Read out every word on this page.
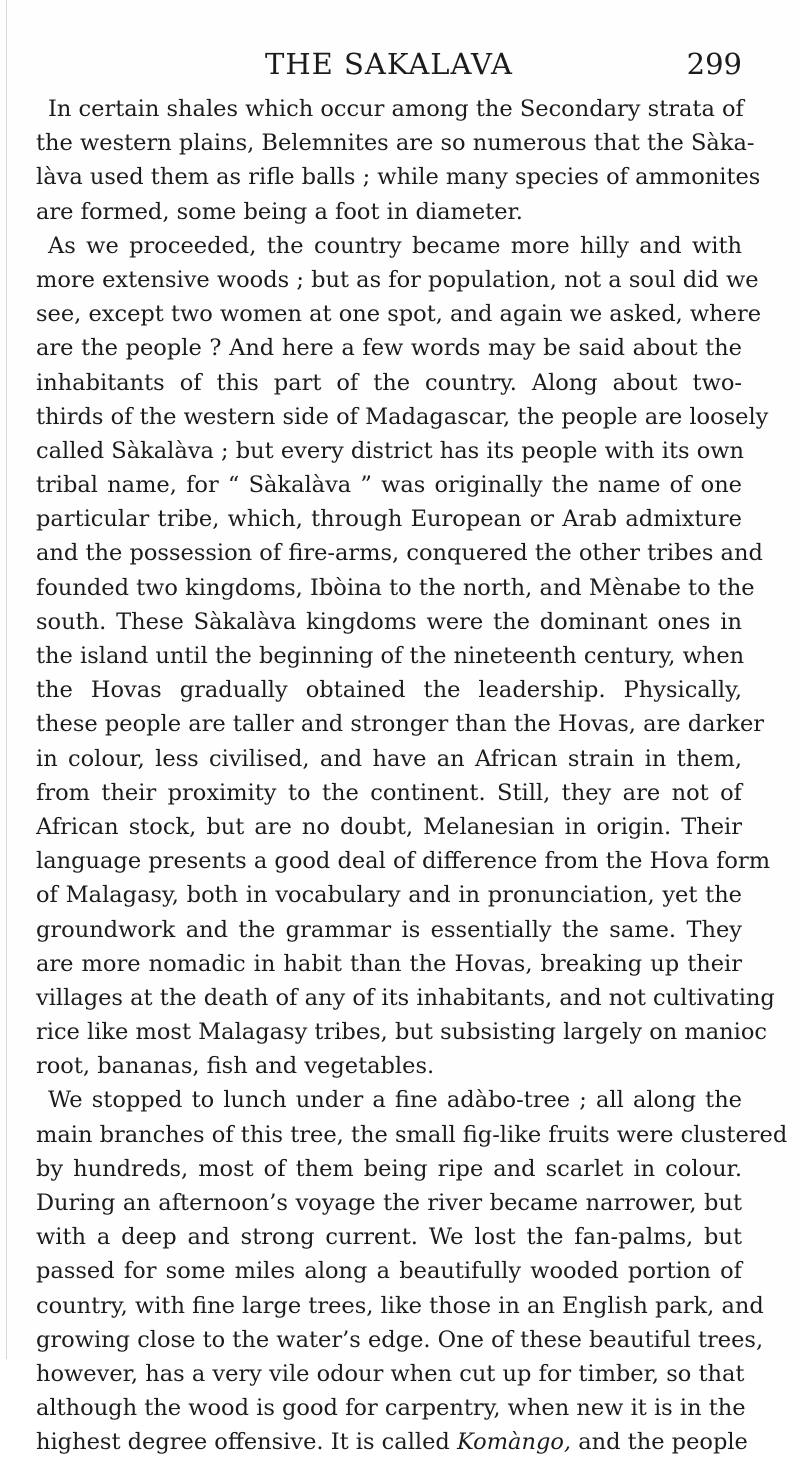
THE SAKALAVA	299
In certain shales which occur among the Secondary strata of
the western plains, Belemnites are so numerous that the Sàka-
làva used them as rifle balls ; while many species of ammonites
are formed, some being a foot in diameter.
As we proceeded, the country became more hilly and with
more extensive woods ; but as for population, not a soul did we
see, except two women at one spot, and again we asked, where
are the people ? And here a few words may be said about the
inhabitants of this part of the country. Along about two-
thirds of the western side of Madagascar, the people are loosely
called Sàkalàva ; but every district has its people with its own
tribal name, for “ Sàkalàva ” was originally the name of one
particular tribe, which, through European or Arab admixture
and the possession of fire-arms, conquered the other tribes and
founded two kingdoms, Ibòina to the north, and Mènabe to the
south. These Sàkalàva kingdoms were the dominant ones in
the island until the beginning of the nineteenth century, when
the Hovas gradually obtained the leadership. Physically,
these people are taller and stronger than the Hovas, are darker
in colour, less civilised, and have an African strain in them,
from their proximity to the continent. Still, they are not of
African stock, but are no doubt, Melanesian in origin. Their
language presents a good deal of difference from the Hova form
of Malagasy, both in vocabulary and in pronunciation, yet the
groundwork and the grammar is essentially the same. They
are more nomadic in habit than the Hovas, breaking up their
villages at the death of any of its inhabitants, and not cultivating
rice like most Malagasy tribes, but subsisting largely on manioc
root, bananas, fish and vegetables.
We stopped to lunch under a fine adàbo-tree ; all along the
main branches of this tree, the small fig-like fruits were clustered
by hundreds, most of them being ripe and scarlet in colour.
During an afternoon’s voyage the river became narrower, but
with a deep and strong current. We lost the fan-palms, but
passed for some miles along a beautifully wooded portion of
country, with fine large trees, like those in an English park, and
growing close to the water’s edge. One of these beautiful trees,
however, has a very vile odour when cut up for timber, so that
although the wood is good for carpentry, when new it is in the
highest degree offensive. It is called Komàngo, and the people
